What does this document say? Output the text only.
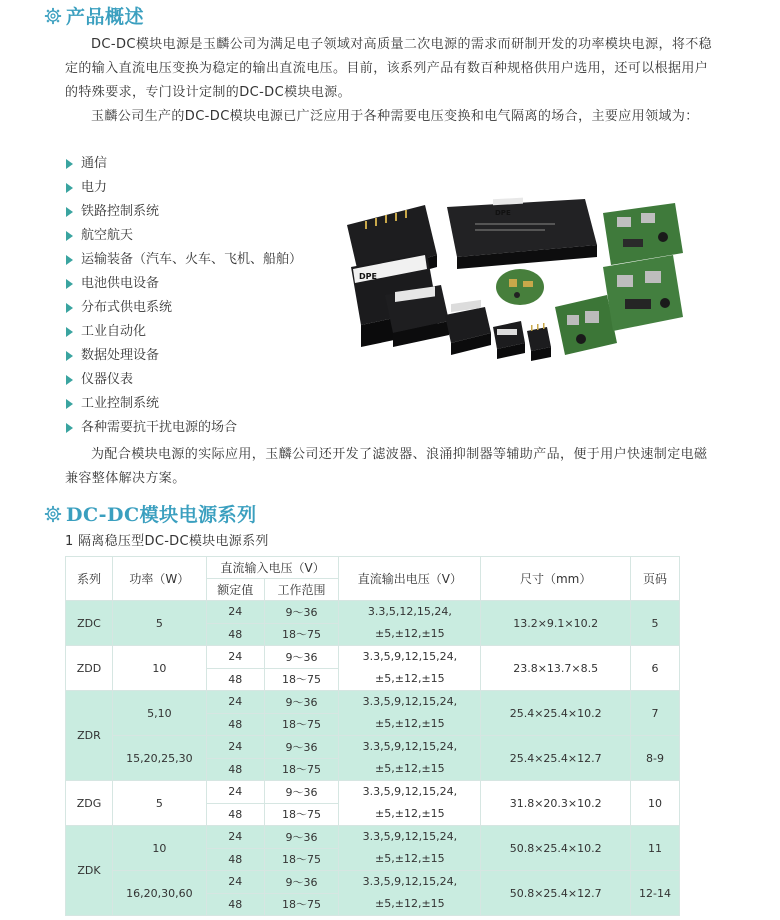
产品概述

DC-DC模块电源是玉麟公司为满足电子领域对高质量二次电源的需求而研制开发的功率模块电源，将不稳定的输入直流电压变换为稳定的输出直流电压。目前，该系列产品有数百种规格供用户选用，还可以根据用户的特殊要求，专门设计定制的DC-DC模块电源。

玉麟公司生产的DC-DC模块电源已广泛应用于各种需要电压变换和电气隔离的场合，主要应用领域为：

通信
电力
铁路控制系统
航空航天
运输装备（汽车、火车、飞机、船舶）
电池供电设备
分布式供电系统
工业自动化
数据处理设备
仪器仪表
工业控制系统
各种需要抗干扰电源的场合
DPE
DPE

为配合模块电源的实际应用，玉麟公司还开发了滤波器、浪涌抑制器等辅助产品，便于用户快速制定电磁兼容整体解决方案。

DC-DC模块电源系列
1 隔离稳压型DC-DC模块电源系列
系列	功率（W）	直流输入电压（V）		直流输出电压（V）	尺寸（mm）	页码
		额定值	工作范围			
ZDC	5	24	9～36	3.3,5,12,15,24,
±5,±12,±15	13.2×9.1×10.2	5
		48	18～75			
ZDD	10	24	9～36	3.3,5,9,12,15,24,
±5,±12,±15	23.8×13.7×8.5	6
		48	18～75			
ZDR	5,10	24	9～36	3.3,5,9,12,15,24,
±5,±12,±15	25.4×25.4×10.2	7
		48	18～75			
	15,20,25,30	24	9～36	3.3,5,9,12,15,24,
±5,±12,±15	25.4×25.4×12.7	8-9
		48	18～75			
ZDG	5	24	9～36	3.3,5,9,12,15,24,
±5,±12,±15	31.8×20.3×10.2	10
		48	18～75			
ZDK	10	24	9～36	3.3,5,9,12,15,24,
±5,±12,±15	50.8×25.4×10.2	11
		48	18～75			
	16,20,30,60	24	9～36	3.3,5,9,12,15,24,
±5,±12,±15	50.8×25.4×12.7	12-14
		48	18～75			
